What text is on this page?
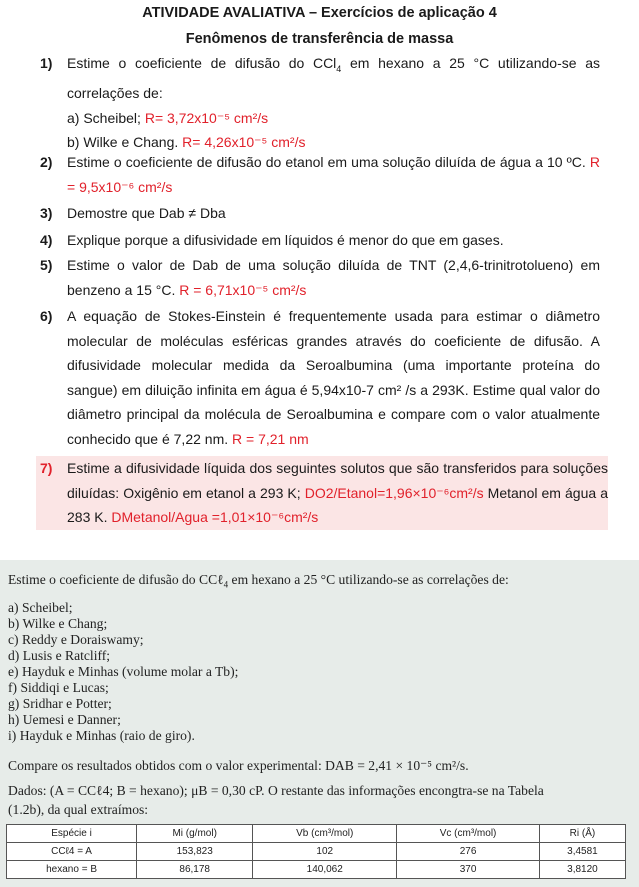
ATIVIDADE AVALIATIVA – Exercícios de aplicação 4
Fenômenos de transferência de massa
1) Estime o coeficiente de difusão do CCl$_4$ em hexano a 25 °C utilizando-se as correlações de:
a) Scheibel; R= 3,72x10⁻⁵ cm²/s
b) Wilke e Chang. R= 4,26x10⁻⁵ cm²/s
2) Estime o coeficiente de difusão do etanol em uma solução diluída de água a 10 ºC. R = 9,5x10⁻⁶ cm²/s
3) Demostre que Dab ≠ Dba
4) Explique porque a difusividade em líquidos é menor do que em gases.
5) Estime o valor de Dab de uma solução diluída de TNT (2,4,6-trinitrotolueno) em benzeno a 15 °C. R = 6,71x10⁻⁵ cm²/s
6) A equação de Stokes-Einstein é frequentemente usada para estimar o diâmetro molecular de moléculas esféricas grandes através do coeficiente de difusão. A difusividade molecular medida da Seroalbumina (uma importante proteína do sangue) em diluição infinita em água é 5,94x10-7 cm² /s a 293K. Estime qual valor do diâmetro principal da molécula de Seroalbumina e compare com o valor atualmente conhecido que é 7,22 nm. R = 7,21 nm
7) Estime a difusividade líquida dos seguintes solutos que são transferidos para soluções diluídas: Oxigênio em etanol a 293 K; DO2/Etanol=1,96×10⁻⁶cm²/s Metanol em água a 283 K. DMetanol/Agua =1,01×10⁻⁶cm²/s
Estime o coeficiente de difusão do CCℓ$_4$ em hexano a 25 °C utilizando-se as correlações de:
a) Scheibel;
b) Wilke e Chang;
c) Reddy e Doraiswamy;
d) Lusis e Ratcliff;
e) Hayduk e Minhas (volume molar a Tb);
f) Siddiqi e Lucas;
g) Sridhar e Potter;
h) Uemesi e Danner;
i) Hayduk e Minhas (raio de giro).
Compare os resultados obtidos com o valor experimental: DAB = 2,41 × 10⁻⁵ cm²/s.
Dados: (A = CCℓ4; B = hexano); μB = 0,30 cP. O restante das informações encongtra-se na Tabela
(1.2b), da qual extraímos:
Espécie i	Mi (g/mol)	Vb (cm³/mol)	Vc (cm³/mol)	Ri (Å)
CCℓ4 = A	153,823	102	276	3,4581
hexano = B	86,178	140,062	370	3,8120
